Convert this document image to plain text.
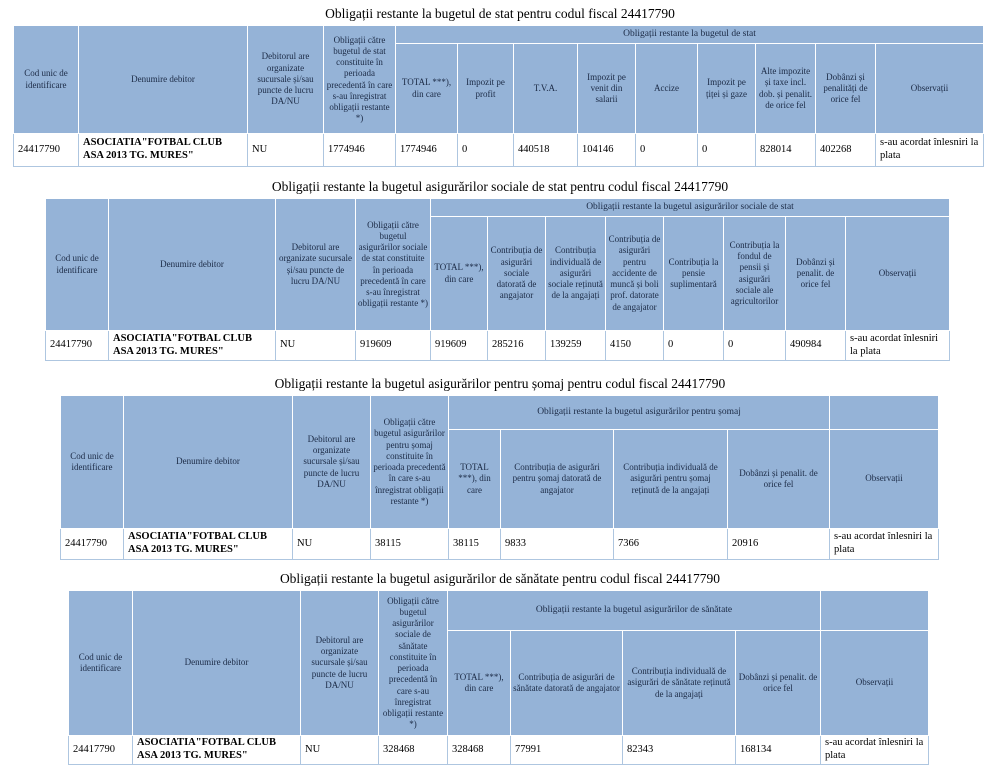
Obligații restante la bugetul de stat pentru codul fiscal 24417790
Cod unic de identificare	Denumire debitor	Debitorul are organizate sucursale și/sau puncte de lucru DA/NU	Obligații către bugetul de stat constituite în perioada precedentă în care s-au înregistrat obligații restante *)	Obligații restante la bugetul de stat								
				TOTAL ***), din care	Impozit pe profit	T.V.A.	Impozit pe venit din salarii	Accize	Impozit pe țiței și gaze	Alte impozite și taxe incl. dob. și penalit. de orice fel	Dobânzi și penalități de orice fel	Observații
24417790	ASOCIATIA"FOTBAL CLUB ASA 2013 TG. MURES"	NU	1774946	1774946	0	440518	104146	0	0	828014	402268	s-au acordat înlesniri la plata
Obligații restante la bugetul asigurărilor sociale de stat pentru codul fiscal 24417790
Cod unic de identificare	Denumire debitor	Debitorul are organizate sucursale și/sau puncte de lucru DA/NU	Obligații către bugetul asigurărilor sociale de stat constituite în perioada precedentă în care s-au înregistrat obligații restante *)	Obligații restante la bugetul asigurărilor sociale de stat							
				TOTAL ***), din care	Contribuția de asigurări sociale datorată de angajator	Contribuția individuală de asigurări sociale reținută de la angajați	Contribuția de asigurări pentru accidente de muncă și boli prof. datorate de angajator	Contribuția la pensie suplimentară	Contribuția la fondul de pensii și asigurări sociale ale agricultorilor	Dobânzi și penalit. de orice fel	Observații
24417790	ASOCIATIA"FOTBAL CLUB ASA 2013 TG. MURES"	NU	919609	919609	285216	139259	4150	0	0	490984	s-au acordat înlesniri la plata
Obligații restante la bugetul asigurărilor pentru șomaj pentru codul fiscal 24417790
Cod unic de identificare	Denumire debitor	Debitorul are organizate sucursale și/sau puncte de lucru DA/NU	Obligații către bugetul asigurărilor pentru șomaj constituite în perioada precedentă în care s-au înregistrat obligații restante *)	Obligații restante la bugetul asigurărilor pentru șomaj				
				TOTAL ***), din care	Contribuția de asigurări pentru șomaj datorată de angajator	Contribuția individuală de asigurări pentru șomaj reținută de la angajați	Dobânzi și penalit. de orice fel	Observații
24417790	ASOCIATIA"FOTBAL CLUB ASA 2013 TG. MURES"	NU	38115	38115	9833	7366	20916	s-au acordat înlesniri la plata
Obligații restante la bugetul asigurărilor de sănătate pentru codul fiscal 24417790
Cod unic de identificare	Denumire debitor	Debitorul are organizate sucursale și/sau puncte de lucru DA/NU	Obligații către bugetul asigurărilor sociale de sănătate constituite în perioada precedentă în care s-au înregistrat obligații restante *)	Obligații restante la bugetul asigurărilor de sănătate				
				TOTAL ***), din care	Contribuția de asigurări de sănătate datorată de angajator	Contribuția individuală de asigurări de sănătate reținută de la angajați	Dobânzi și penalit. de orice fel	Observații
24417790	ASOCIATIA"FOTBAL CLUB ASA 2013 TG. MURES"	NU	328468	328468	77991	82343	168134	s-au acordat înlesniri la plata
